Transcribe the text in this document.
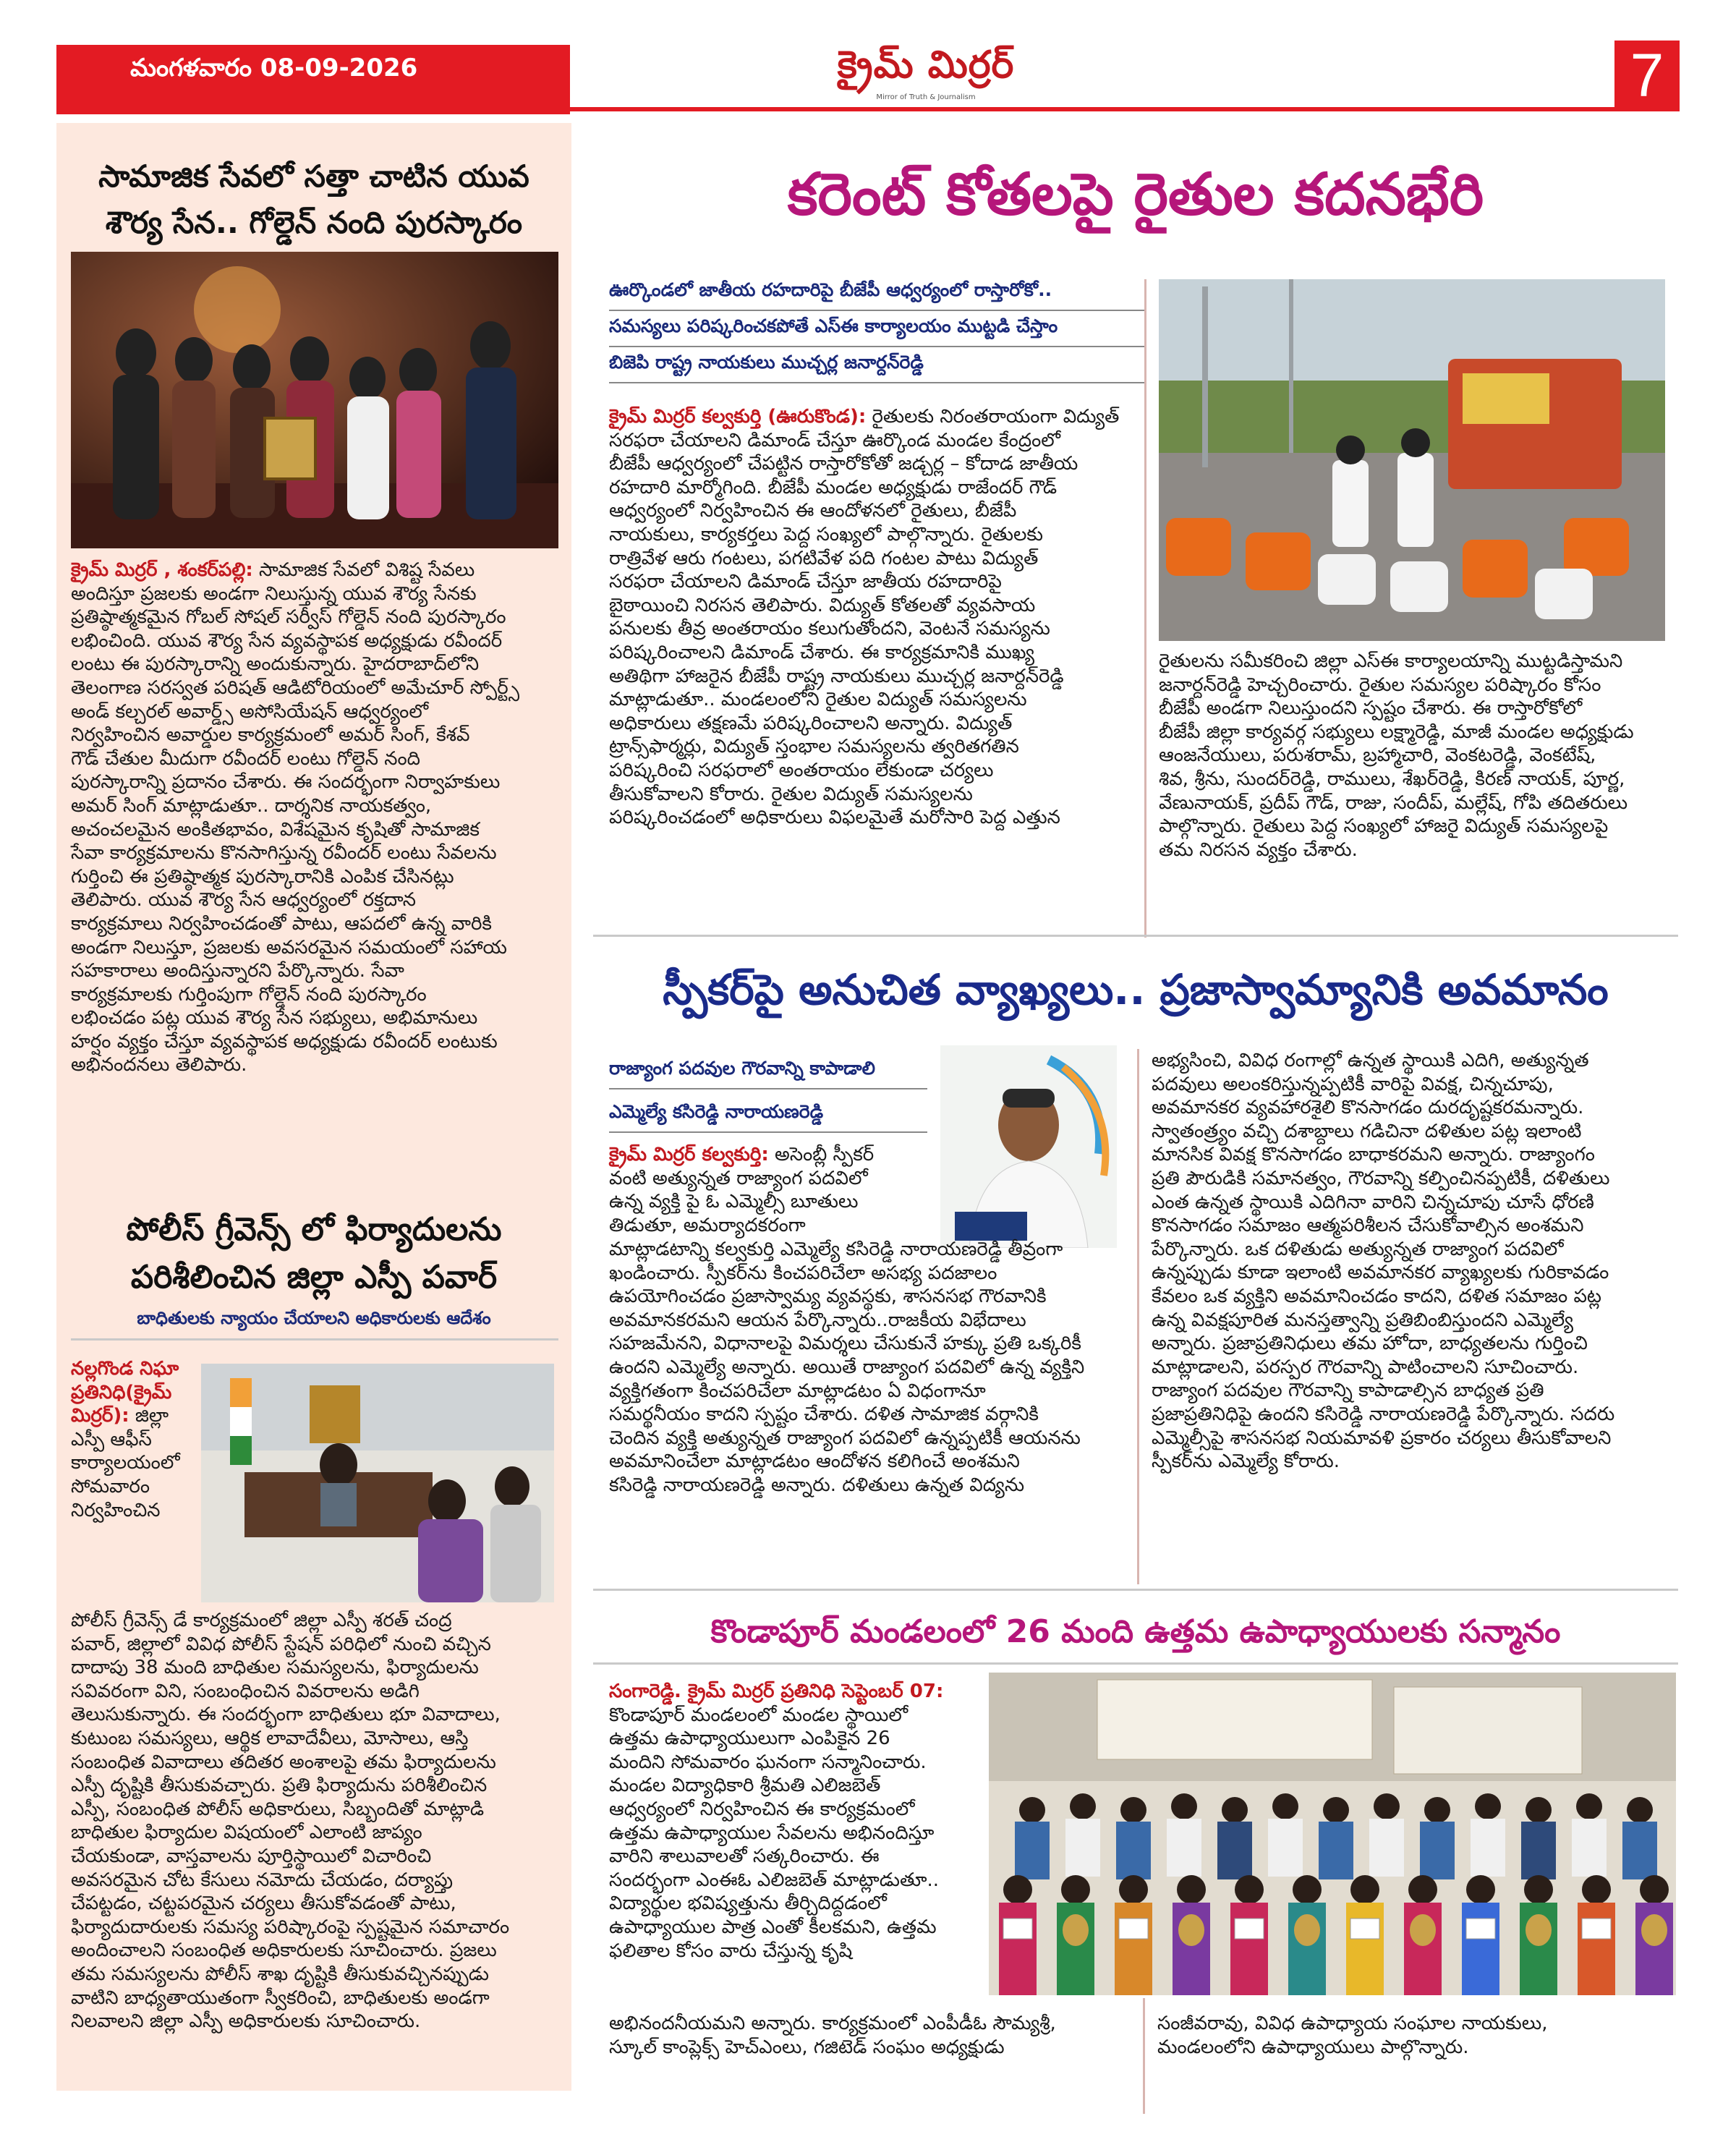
మంగళవారం 08-09-2026	క్రైమ్ మిర్రర్
Mirror of Truth & Journalism	7
సామాజిక సేవలో సత్తా చాటిన యువ
శౌర్య సేన.. గోల్డెన్ నంది పురస్కారం
క్రైమ్ మిర్రర్ , శంకర్‌పల్లి: సామాజిక సేవలో విశిష్ట సేవలు
అందిస్తూ ప్రజలకు అండగా నిలుస్తున్న యువ శౌర్య సేనకు
ప్రతిష్ఠాత్మకమైన గోబల్ సోషల్ సర్వీస్ గోల్డెన్ నంది పురస్కారం
లభించింది. యువ శౌర్య సేన వ్యవస్థాపక అధ్యక్షుడు రవీందర్
లంటు ఈ పురస్కారాన్ని అందుకున్నారు. హైదరాబాద్‌లోని
తెలంగాణ సరస్వత పరిషత్ ఆడిటోరియంలో అమేచూర్ స్పోర్ట్స్
అండ్ కల్చరల్ అవార్డ్స్ అసోసియేషన్ ఆధ్వర్యంలో
నిర్వహించిన అవార్డుల కార్యక్రమంలో అమర్ సింగ్, కేశవ్
గౌడ్ చేతుల మీదుగా రవీందర్ లంటు గోల్డెన్ నంది
పురస్కారాన్ని ప్రదానం చేశారు. ఈ సందర్భంగా నిర్వాహకులు
అమర్ సింగ్ మాట్లాడుతూ.. దార్శనిక నాయకత్వం,
అచంచలమైన అంకితభావం, విశేషమైన కృషితో సామాజిక
సేవా కార్యక్రమాలను కొనసాగిస్తున్న రవీందర్ లంటు సేవలను
గుర్తించి ఈ ప్రతిష్ఠాత్మక పురస్కారానికి ఎంపిక చేసినట్లు
తెలిపారు. యువ శౌర్య సేన ఆధ్వర్యంలో రక్తదాన
కార్యక్రమాలు నిర్వహించడంతో పాటు, ఆపదలో ఉన్న వారికి
అండగా నిలుస్తూ, ప్రజలకు అవసరమైన సమయంలో సహాయ
సహకారాలు అందిస్తున్నారని పేర్కొన్నారు. సేవా
కార్యక్రమాలకు గుర్తింపుగా గోల్డెన్ నంది పురస్కారం
లభించడం పట్ల యువ శౌర్య సేన సభ్యులు, అభిమానులు
హర్షం వ్యక్తం చేస్తూ వ్యవస్థాపక అధ్యక్షుడు రవీందర్ లంటుకు
అభినందనలు తెలిపారు.
పోలీస్ గ్రీవెన్స్ లో ఫిర్యాదులను
పరిశీలించిన జిల్లా ఎస్పీ పవార్
బాధితులకు న్యాయం చేయాలని అధికారులకు ఆదేశం
నల్లగొండ నిఘా
ప్రతినిధి(క్రైమ్
మిర్రర్): జిల్లా
ఎస్పీ ఆఫీస్
కార్యాలయంలో
సోమవారం
నిర్వహించిన
పోలీస్ గ్రీవెన్స్ డే కార్యక్రమంలో జిల్లా ఎస్పీ శరత్ చంద్ర
పవార్, జిల్లాలో వివిధ పోలీస్ స్టేషన్ పరిధిలో నుంచి వచ్చిన
దాదాపు 38 మంది బాధితుల సమస్యలను, ఫిర్యాదులను
సవివరంగా విని, సంబంధించిన వివరాలను అడిగి
తెలుసుకున్నారు. ఈ సందర్భంగా బాధితులు భూ వివాదాలు,
కుటుంబ సమస్యలు, ఆర్థిక లావాదేవీలు, మోసాలు, ఆస్తి
సంబంధిత వివాదాలు తదితర అంశాలపై తమ ఫిర్యాదులను
ఎస్పీ దృష్టికి తీసుకువచ్చారు. ప్రతి ఫిర్యాదును పరిశీలించిన
ఎస్పీ, సంబంధిత పోలీస్ అధికారులు, సిబ్బందితో మాట్లాడి
బాధితుల ఫిర్యాదుల విషయంలో ఎలాంటి జాప్యం
చేయకుండా, వాస్తవాలను పూర్తిస్థాయిలో విచారించి
అవసరమైన చోట కేసులు నమోదు చేయడం, దర్యాప్తు
చేపట్టడం, చట్టపరమైన చర్యలు తీసుకోవడంతో పాటు,
ఫిర్యాదుదారులకు సమస్య పరిష్కారంపై స్పష్టమైన సమాచారం
అందించాలని సంబంధిత అధికారులకు సూచించారు. ప్రజలు
తమ సమస్యలను పోలీస్ శాఖ దృష్టికి తీసుకువచ్చినప్పుడు
వాటిని బాధ్యతాయుతంగా స్వీకరించి, బాధితులకు అండగా
నిలవాలని జిల్లా ఎస్పీ అధికారులకు సూచించారు.
కరెంట్ కోతలపై రైతుల కదనభేరి
ఊర్కొండలో జాతీయ రహదారిపై బీజేపీ ఆధ్వర్యంలో రాస్తారోకో..
సమస్యలు పరిష్కరించకపోతే ఎస్ఈ కార్యాలయం ముట్టడి చేస్తాం
బిజెపి రాష్ట్ర నాయకులు ముచ్చర్ల జనార్దన్‌రెడ్డి
క్రైమ్ మిర్రర్ కల్వకుర్తి (ఊరుకొండ): రైతులకు నిరంతరాయంగా విద్యుత్
సరఫరా చేయాలని డిమాండ్ చేస్తూ ఊర్కొండ మండల కేంద్రంలో
బీజేపీ ఆధ్వర్యంలో చేపట్టిన రాస్తారోకోతో జడ్చర్ల – కోదాడ జాతీయ
రహదారి మార్మోగింది. బీజేపీ మండల అధ్యక్షుడు రాజేందర్ గౌడ్
ఆధ్వర్యంలో నిర్వహించిన ఈ ఆందోళనలో రైతులు, బీజేపీ
నాయకులు, కార్యకర్తలు పెద్ద సంఖ్యలో పాల్గొన్నారు. రైతులకు
రాత్రివేళ ఆరు గంటలు, పగటివేళ పది గంటల పాటు విద్యుత్
సరఫరా చేయాలని డిమాండ్ చేస్తూ జాతీయ రహదారిపై
బైఠాయించి నిరసన తెలిపారు. విద్యుత్ కోతలతో వ్యవసాయ
పనులకు తీవ్ర అంతరాయం కలుగుతోందని, వెంటనే సమస్యను
పరిష్కరించాలని డిమాండ్ చేశారు. ఈ కార్యక్రమానికి ముఖ్య
అతిథిగా హాజరైన బీజేపీ రాష్ట్ర నాయకులు ముచ్చర్ల జనార్దన్‌రెడ్డి
మాట్లాడుతూ.. మండలంలోని రైతుల విద్యుత్ సమస్యలను
అధికారులు తక్షణమే పరిష్కరించాలని అన్నారు. విద్యుత్
ట్రాన్స్‌ఫార్మర్లు, విద్యుత్ స్తంభాల సమస్యలను త్వరితగతిన
పరిష్కరించి సరఫరాలో అంతరాయం లేకుండా చర్యలు
తీసుకోవాలని కోరారు. రైతుల విద్యుత్ సమస్యలను
పరిష్కరించడంలో అధికారులు విఫలమైతే మరోసారి పెద్ద ఎత్తున
రైతులను సమీకరించి జిల్లా ఎస్ఈ కార్యాలయాన్ని ముట్టడిస్తామని
జనార్దన్‌రెడ్డి హెచ్చరించారు. రైతుల సమస్యల పరిష్కారం కోసం
బీజేపీ అండగా నిలుస్తుందని స్పష్టం చేశారు. ఈ రాస్తారోకోలో
బీజేపీ జిల్లా కార్యవర్గ సభ్యులు లక్ష్మారెడ్డి, మాజీ మండల అధ్యక్షుడు
ఆంజనేయులు, పరుశరామ్, బ్రహ్మాచారి, వెంకటరెడ్డి, వెంకటేష్,
శివ, శ్రీను, సుందర్‌రెడ్డి, రాములు, శేఖర్‌రెడ్డి, కిరణ్ నాయక్, పూర్ణ,
వేణునాయక్, ప్రదీప్ గౌడ్, రాజు, సందీప్, మల్లేష్, గోపి తదితరులు
పాల్గొన్నారు. రైతులు పెద్ద సంఖ్యలో హాజరై విద్యుత్ సమస్యలపై
తమ నిరసన వ్యక్తం చేశారు.
స్పీకర్‌పై అనుచిత వ్యాఖ్యలు.. ప్రజాస్వామ్యానికి అవమానం
రాజ్యాంగ పదవుల గౌరవాన్ని కాపాడాలి
ఎమ్మెల్యే కసిరెడ్డి నారాయణరెడ్డి
క్రైమ్ మిర్రర్ కల్వకుర్తి: అసెంబ్లీ స్పీకర్
వంటి అత్యున్నత రాజ్యాంగ పదవిలో
ఉన్న వ్యక్తి పై ఓ ఎమ్మెల్సీ బూతులు
తిడుతూ, అమర్యాదకరంగా
మాట్లాడటాన్ని కల్వకుర్తి ఎమ్మెల్యే కసిరెడ్డి నారాయణరెడ్డి తీవ్రంగా
ఖండించారు. స్పీకర్‌ను కించపరిచేలా అసభ్య పదజాలం
ఉపయోగించడం ప్రజాస్వామ్య వ్యవస్థకు, శాసనసభ గౌరవానికి
అవమానకరమని ఆయన పేర్కొన్నారు..రాజకీయ విభేదాలు
సహజమేనని, విధానాలపై విమర్శలు చేసుకునే హక్కు ప్రతి ఒక్కరికీ
ఉందని ఎమ్మెల్యే అన్నారు. అయితే రాజ్యాంగ పదవిలో ఉన్న వ్యక్తిని
వ్యక్తిగతంగా కించపరిచేలా మాట్లాడటం ఏ విధంగానూ
సమర్థనీయం కాదని స్పష్టం చేశారు. దళిత సామాజిక వర్గానికి
చెందిన వ్యక్తి అత్యున్నత రాజ్యాంగ పదవిలో ఉన్నప్పటికీ ఆయనను
అవమానించేలా మాట్లాడటం ఆందోళన కలిగించే అంశమని
కసిరెడ్డి నారాయణరెడ్డి అన్నారు. దళితులు ఉన్నత విద్యను
అభ్యసించి, వివిధ రంగాల్లో ఉన్నత స్థాయికి ఎదిగి, అత్యున్నత
పదవులు అలంకరిస్తున్నప్పటికీ వారిపై వివక్ష, చిన్నచూపు,
అవమానకర వ్యవహారశైలి కొనసాగడం దురదృష్టకరమన్నారు.
స్వాతంత్ర్యం వచ్చి దశాబ్దాలు గడిచినా దళితుల పట్ల ఇలాంటి
మానసిక వివక్ష కొనసాగడం బాధాకరమని అన్నారు. రాజ్యాంగం
ప్రతి పౌరుడికి సమానత్వం, గౌరవాన్ని కల్పించినప్పటికీ, దళితులు
ఎంత ఉన్నత స్థాయికి ఎదిగినా వారిని చిన్నచూపు చూసే ధోరణి
కొనసాగడం సమాజం ఆత్మపరిశీలన చేసుకోవాల్సిన అంశమని
పేర్కొన్నారు. ఒక దళితుడు అత్యున్నత రాజ్యాంగ పదవిలో
ఉన్నప్పుడు కూడా ఇలాంటి అవమానకర వ్యాఖ్యలకు గురికావడం
కేవలం ఒక వ్యక్తిని అవమానించడం కాదని, దళిత సమాజం పట్ల
ఉన్న వివక్షపూరిత మనస్తత్వాన్ని ప్రతిబింబిస్తుందని ఎమ్మెల్యే
అన్నారు. ప్రజాప్రతినిధులు తమ హోదా, బాధ్యతలను గుర్తించి
మాట్లాడాలని, పరస్పర గౌరవాన్ని పాటించాలని సూచించారు.
రాజ్యాంగ పదవుల గౌరవాన్ని కాపాడాల్సిన బాధ్యత ప్రతి
ప్రజాప్రతినిధిపై ఉందని కసిరెడ్డి నారాయణరెడ్డి పేర్కొన్నారు. సదరు
ఎమ్మెల్సీపై శాసనసభ నియమావళి ప్రకారం చర్యలు తీసుకోవాలని
స్పీకర్‌ను ఎమ్మెల్యే కోరారు.
కొండాపూర్ మండలంలో 26 మంది ఉత్తమ ఉపాధ్యాయులకు సన్మానం
సంగారెడ్డి. క్రైమ్ మిర్రర్ ప్రతినిధి సెప్టెంబర్ 07:
కొండాపూర్ మండలంలో మండల స్థాయిలో
ఉత్తమ ఉపాధ్యాయులుగా ఎంపికైన 26
మందిని సోమవారం ఘనంగా సన్మానించారు.
మండల విద్యాధికారి శ్రీమతి ఎలిజబెత్
ఆధ్వర్యంలో నిర్వహించిన ఈ కార్యక్రమంలో
ఉత్తమ ఉపాధ్యాయుల సేవలను అభినందిస్తూ
వారిని శాలువాలతో సత్కరించారు. ఈ
సందర్భంగా ఎంఈఓ ఎలిజబెత్ మాట్లాడుతూ..
విద్యార్థుల భవిష్యత్తును తీర్చిదిద్దడంలో
ఉపాధ్యాయుల పాత్ర ఎంతో కీలకమని, ఉత్తమ
ఫలితాల కోసం వారు చేస్తున్న కృషి
అభినందనీయమని అన్నారు. కార్యక్రమంలో ఎంపీడీఓ సౌమ్యశ్రీ,
స్కూల్ కాంప్లెక్స్ హెచ్‌ఎంలు, గజిటెడ్ సంఘం అధ్యక్షుడు
సంజీవరావు, వివిధ ఉపాధ్యాయ సంఘాల నాయకులు,
మండలంలోని ఉపాధ్యాయులు పాల్గొన్నారు.
